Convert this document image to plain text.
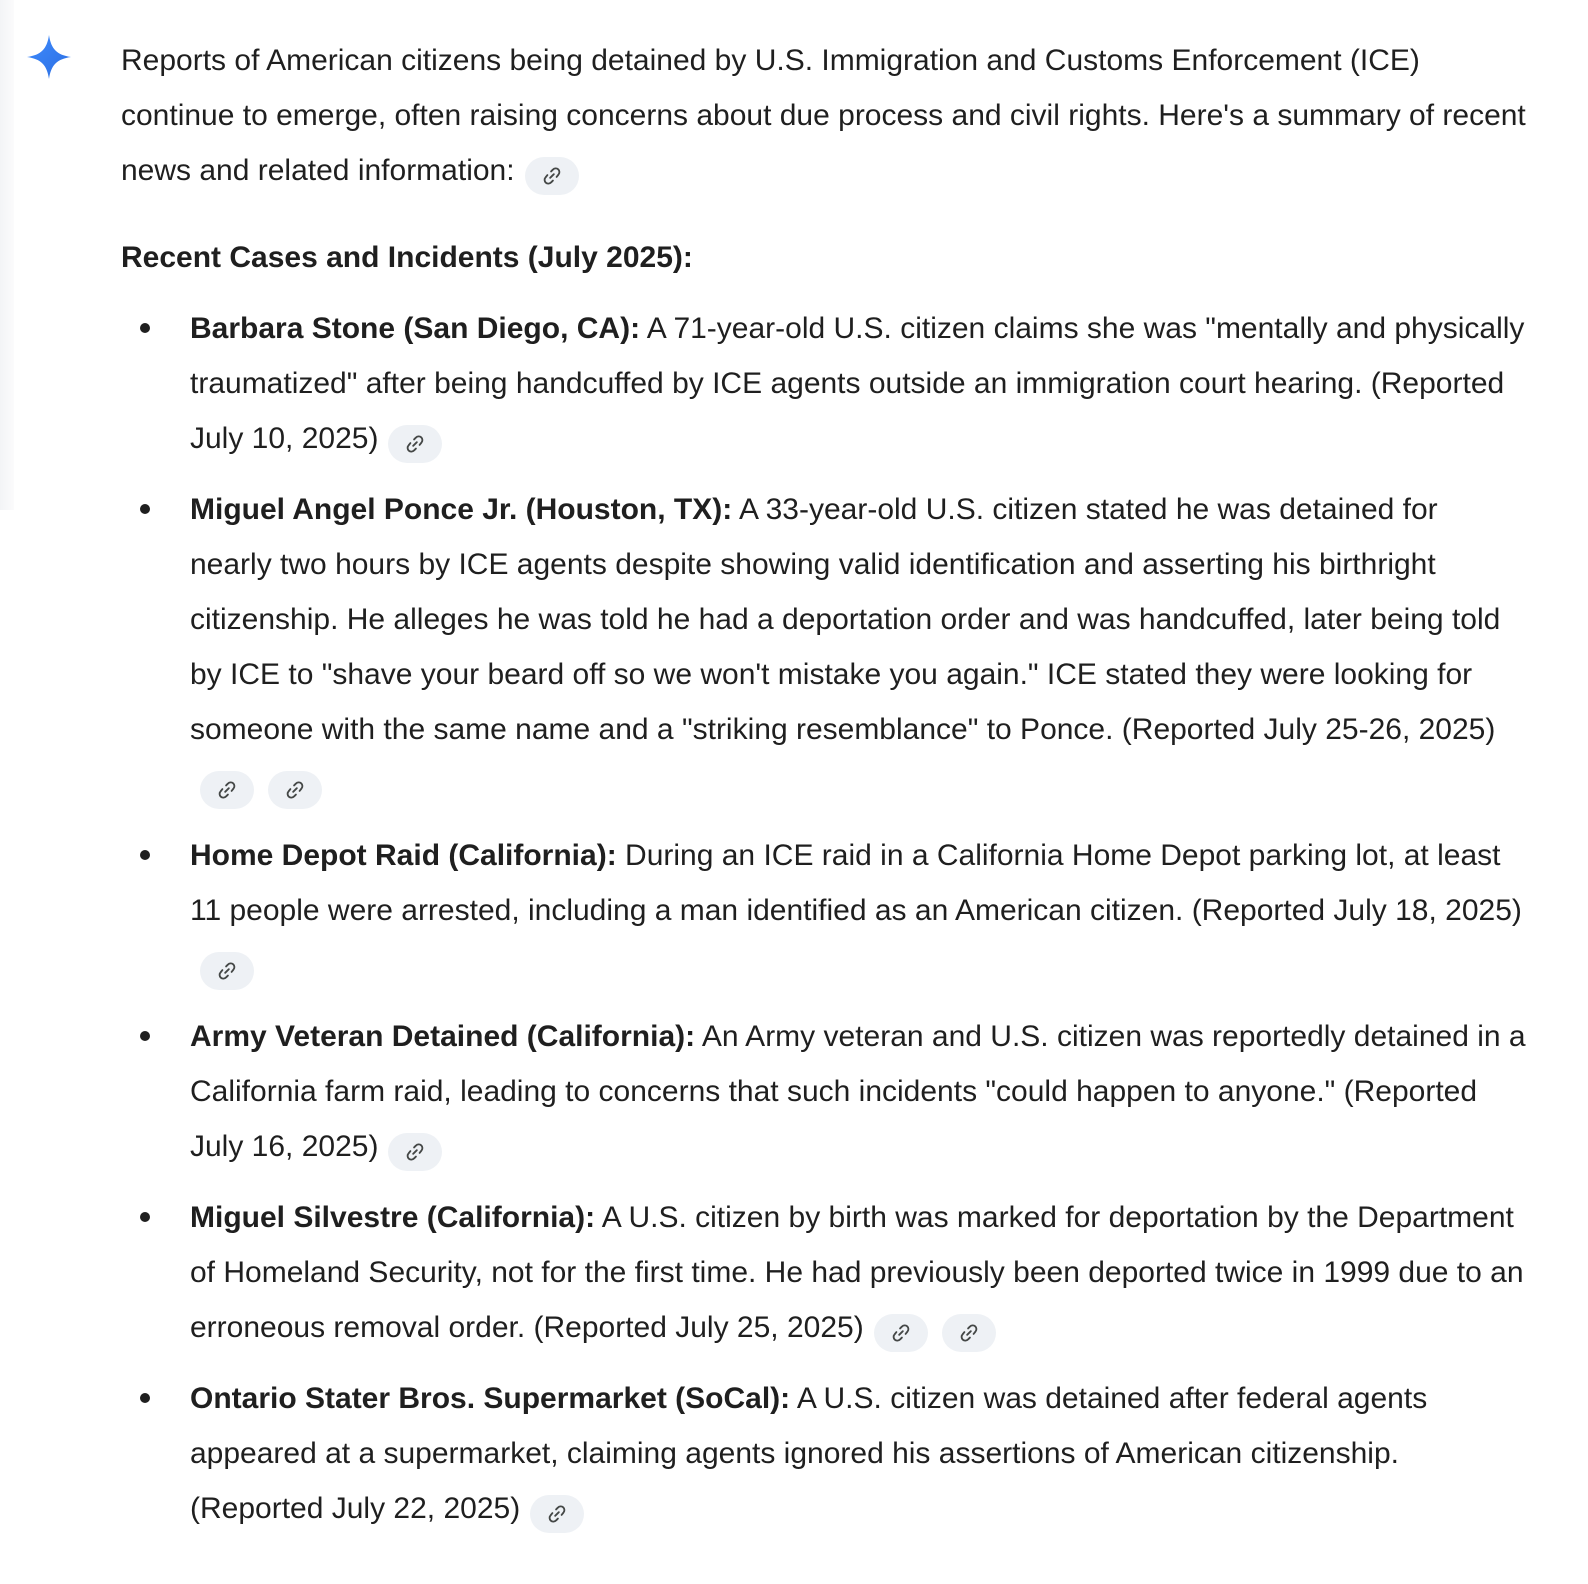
Reports of American citizens being detained by U.S. Immigration and Customs Enforcement (ICE) continue to emerge, often raising concerns about due process and civil rights. Here's a summary of recent news and related information:

Recent Cases and Incidents (July 2025):
Barbara Stone (San Diego, CA): A 71-year-old U.S. citizen claims she was "mentally and physically traumatized" after being handcuffed by ICE agents outside an immigration court hearing. (Reported July 10, 2025)
Miguel Angel Ponce Jr. (Houston, TX): A 33-year-old U.S. citizen stated he was detained for nearly two hours by ICE agents despite showing valid identification and asserting his birthright citizenship. He alleges he was told he had a deportation order and was handcuffed, later being told by ICE to "shave your beard off so we won't mistake you again." ICE stated they were looking for someone with the same name and a "striking resemblance" to Ponce. (Reported July 25-26, 2025)
Home Depot Raid (California): During an ICE raid in a California Home Depot parking lot, at least 11 people were arrested, including a man identified as an American citizen. (Reported July 18, 2025)
Army Veteran Detained (California): An Army veteran and U.S. citizen was reportedly detained in a California farm raid, leading to concerns that such incidents "could happen to anyone." (Reported July 16, 2025)
Miguel Silvestre (California): A U.S. citizen by birth was marked for deportation by the Department of Homeland Security, not for the first time. He had previously been deported twice in 1999 due to an erroneous removal order. (Reported July 25, 2025)
Ontario Stater Bros. Supermarket (SoCal): A U.S. citizen was detained after federal agents appeared at a supermarket, claiming agents ignored his assertions of American citizenship. (Reported July 22, 2025)
